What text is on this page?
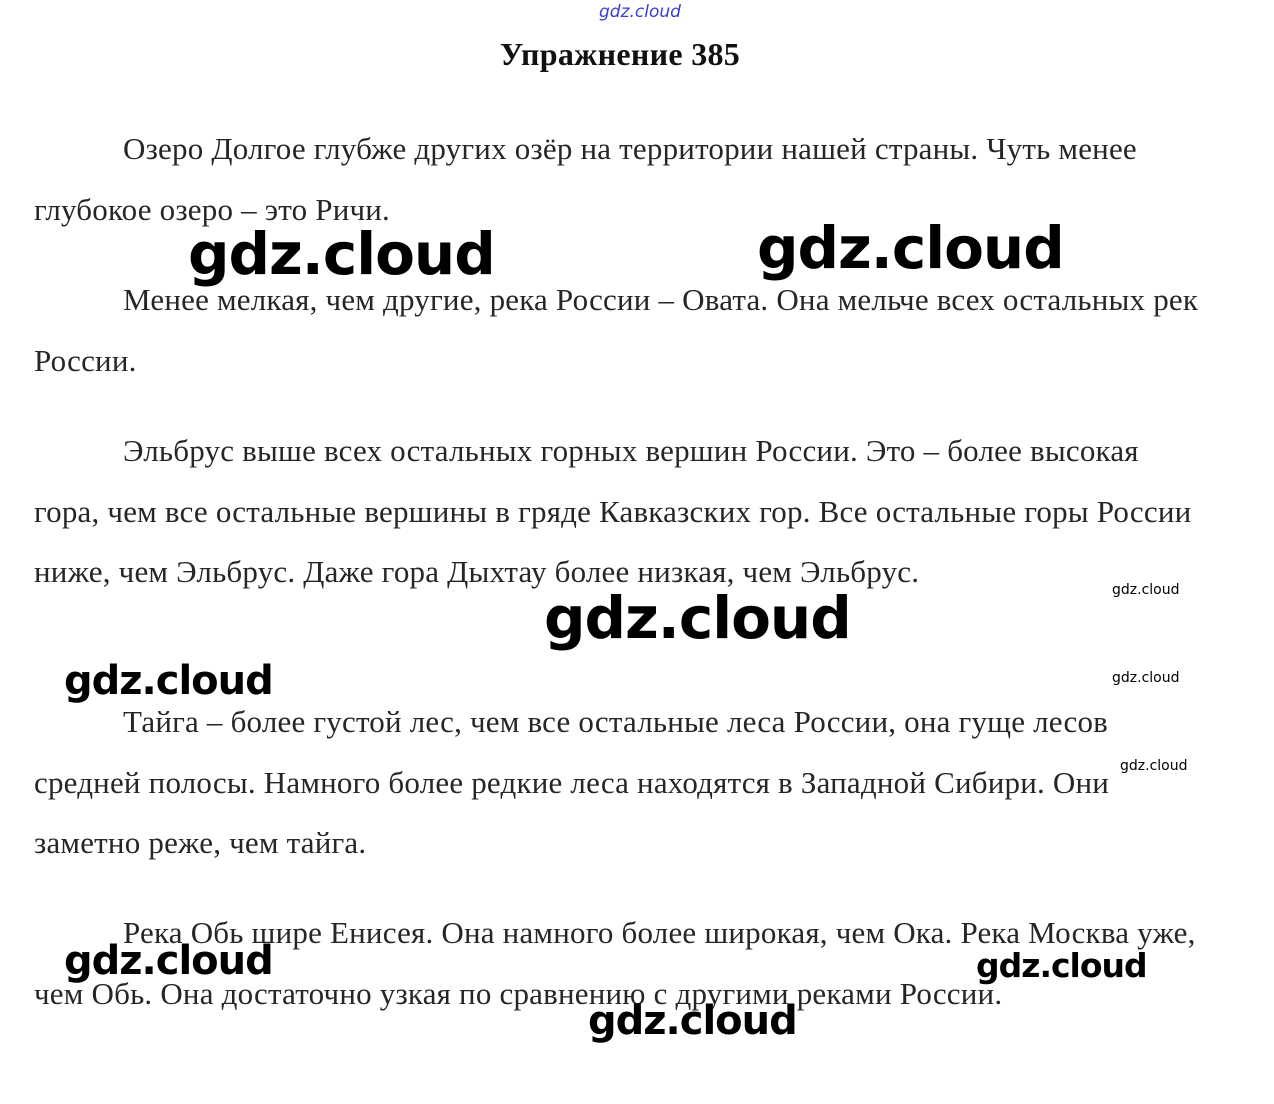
gdz.cloud
Упражнение 385

Озеро Долгое глубже других озёр на территории нашей страны. Чуть менее глубокое озеро – это Ричи.

Менее мелкая, чем другие, река России – Овата. Она мельче всех остальных рек России.

Эльбрус выше всех остальных горных вершин России. Это – более высокая гора, чем все остальные вершины в гряде Кавказских гор. Все остальные горы России ниже, чем Эльбрус. Даже гора Дыхтау более низкая, чем Эльбрус.

Тайга – более густой лес, чем все остальные леса России, она гуще лесов средней полосы. Намного более редкие леса находятся в Западной Сибири. Они заметно реже, чем тайга.

Река Обь шире Енисея. Она намного более широкая, чем Ока. Река Москва уже, чем Обь. Она достаточно узкая по сравнению с другими реками России.

gdz.cloud	gdz.cloud
gdz.cloud
gdz.cloud
gdz.cloud	gdz.cloud
gdz.cloud
gdz.cloud
gdz.cloud
gdz.cloud
